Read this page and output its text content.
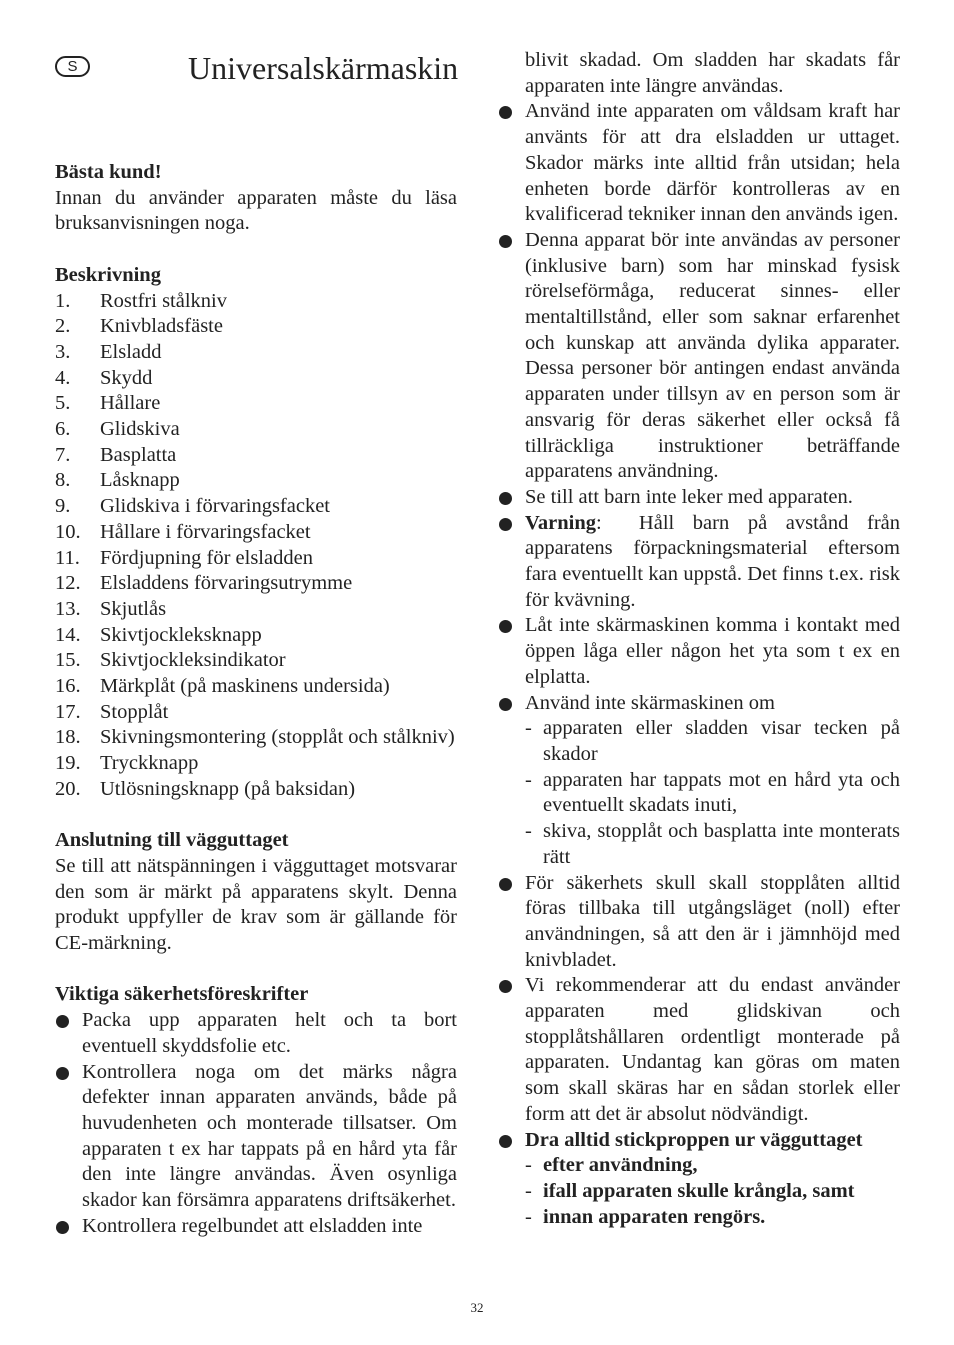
S	Universalskärmaskin
Bästa kund!

Innan du använder apparaten måste du läsa bruksanvisningen noga.

Beskrivning
1.	Rostfri stålkniv
2.	Knivbladsfäste
3.	Elsladd
4.	Skydd
5.	Hållare
6.	Glidskiva
7.	Basplatta
8.	Låsknapp
9.	Glidskiva i förvaringsfacket
10. Hållare i förvaringsfacket
11. Fördjupning för elsladden
12. Elsladdens förvaringsutrymme
13. Skjutlås
14. Skivtjockleksknapp
15. Skivtjockleksindikator
16. Märkplåt (på maskinens undersida)
17. Stopplåt
18. Skivningsmontering (stopplåt och stålkniv)
19. Tryckknapp
20. Utlösningsknapp (på baksidan)
Anslutning till vägguttaget

Se till att nätspänningen i vägguttaget motsvarar den som är märkt på apparatens skylt. Denna produkt uppfyller de krav som är gällande för CE-märkning.

Viktiga säkerhetsföreskrifter
Packa upp apparaten helt och ta bort eventuell skyddsfolie etc.
Kontrollera noga om det märks några defekter innan apparaten används, både på huvudenheten och monterade tillsatser. Om apparaten t ex har tappats på en hård yta får den inte längre användas. Även osynliga skador kan försämra apparatens driftsäkerhet.
Kontrollera regelbundet att elsladden inte
blivit skadad. Om sladden har skadats får apparaten inte längre användas.
Använd inte apparaten om våldsam kraft har använts för att dra elsladden ur uttaget. Skador märks inte alltid från utsidan; hela enheten borde därför kontrolleras av en kvalificerad tekniker innan den används igen.
Denna apparat bör inte användas av personer (inklusive barn) som har minskad fysisk rörelseförmåga, reducerat sinnes- eller mentaltillstånd, eller som saknar erfarenhet och kunskap att använda dylika apparater. Dessa personer bör antingen endast använda apparaten under tillsyn av en person som är ansvarig för deras säkerhet eller också få tillräckliga instruktioner beträffande apparatens användning.
Se till att barn inte leker med apparaten.
Varning: Håll barn på avstånd från apparatens förpackningsmaterial eftersom fara eventuellt kan uppstå. Det finns t.ex. risk för kvävning.
Låt inte skärmaskinen komma i kontakt med öppen låga eller någon het yta som t ex en elplatta.
Använd inte skärmaskinen om
- apparaten eller sladden visar tecken på skador
- apparaten har tappats mot en hård yta och eventuellt skadats inuti,
- skiva, stopplåt och basplatta inte monterats rätt
För säkerhets skull skall stopplåten alltid föras tillbaka till utgångsläget (noll) efter användningen, så att den är i jämnhöjd med knivbladet.
Vi rekommenderar att du endast använder apparaten med glidskivan och stopplåtshållaren ordentligt monterade på apparaten. Undantag kan göras om maten som skall skäras har en sådan storlek eller form att det är absolut nödvändigt.
Dra alltid stickproppen ur vägguttaget
- efter användning,
- ifall apparaten skulle krångla, samt
- innan apparaten rengörs.
32
